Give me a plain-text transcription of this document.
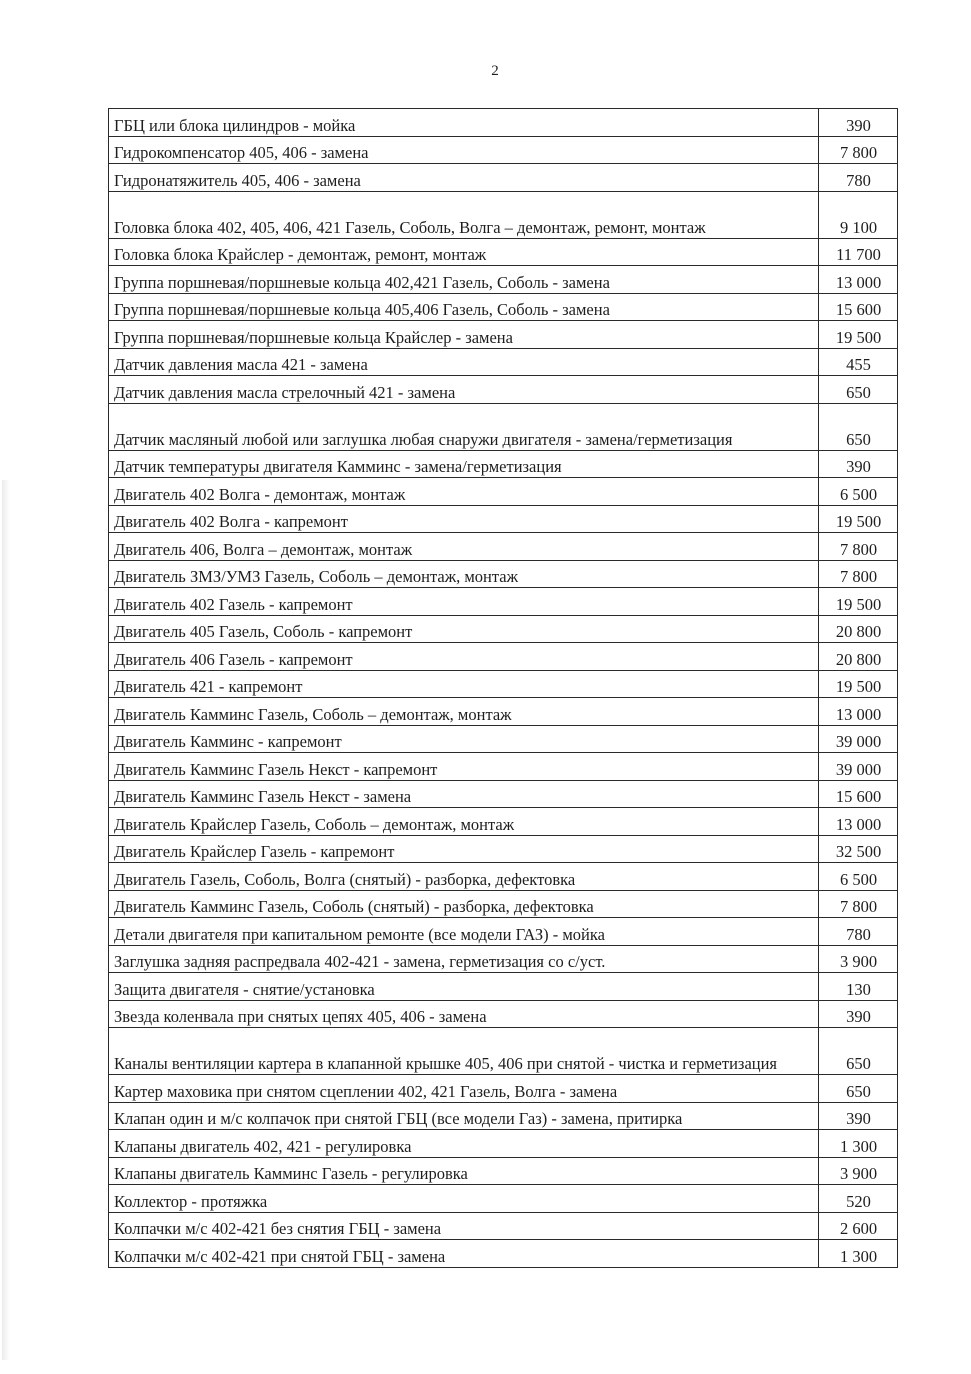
2
ГБЦ или блока цилиндров - мойка	390
Гидрокомпенсатор 405, 406 - замена	7 800
Гидронатяжитель 405, 406 - замена	780
Головка блока 402, 405, 406, 421 Газель, Соболь, Волга – демонтаж, ремонт, монтаж	9 100
Головка блока Крайслер - демонтаж, ремонт, монтаж	11 700
Группа поршневая/поршневые кольца 402,421 Газель, Соболь - замена	13 000
Группа поршневая/поршневые кольца 405,406 Газель, Соболь - замена	15 600
Группа поршневая/поршневые кольца Крайслер - замена	19 500
Датчик давления масла 421 - замена	455
Датчик давления масла стрелочный 421 - замена	650
Датчик масляный любой или заглушка любая снаружи двигателя - замена/герметизация	650
Датчик температуры двигателя Камминс - замена/герметизация	390
Двигатель 402 Волга - демонтаж, монтаж	6 500
Двигатель 402 Волга - капремонт	19 500
Двигатель 406, Волга – демонтаж, монтаж	7 800
Двигатель ЗМЗ/УМЗ Газель, Соболь – демонтаж, монтаж	7 800
Двигатель 402 Газель - капремонт	19 500
Двигатель 405 Газель, Соболь - капремонт	20 800
Двигатель 406 Газель - капремонт	20 800
Двигатель 421 - капремонт	19 500
Двигатель Камминс Газель, Соболь – демонтаж, монтаж	13 000
Двигатель Камминс - капремонт	39 000
Двигатель Камминс Газель Некст - капремонт	39 000
Двигатель Камминс Газель Некст - замена	15 600
Двигатель Крайслер Газель, Соболь – демонтаж, монтаж	13 000
Двигатель Крайслер Газель - капремонт	32 500
Двигатель Газель, Соболь, Волга (снятый) - разборка, дефектовка	6 500
Двигатель Камминс Газель, Соболь (снятый) - разборка, дефектовка	7 800
Детали двигателя при капитальном ремонте (все модели ГАЗ) - мойка	780
Заглушка задняя распредвала 402-421 - замена, герметизация со с/уст.	3 900
Защита двигателя - снятие/установка	130
Звезда коленвала при снятых цепях 405, 406 - замена	390
Каналы вентиляции картера в клапанной крышке 405, 406 при снятой - чистка и герметизация	650
Картер маховика при снятом сцеплении 402, 421 Газель, Волга - замена	650
Клапан один и м/с колпачок при снятой ГБЦ (все модели Газ) - замена, притирка	390
Клапаны двигатель 402, 421 - регулировка	1 300
Клапаны двигатель Камминс Газель - регулировка	3 900
Коллектор - протяжка	520
Колпачки м/с 402-421 без снятия ГБЦ - замена	2 600
Колпачки м/с 402-421 при снятой ГБЦ - замена	1 300
